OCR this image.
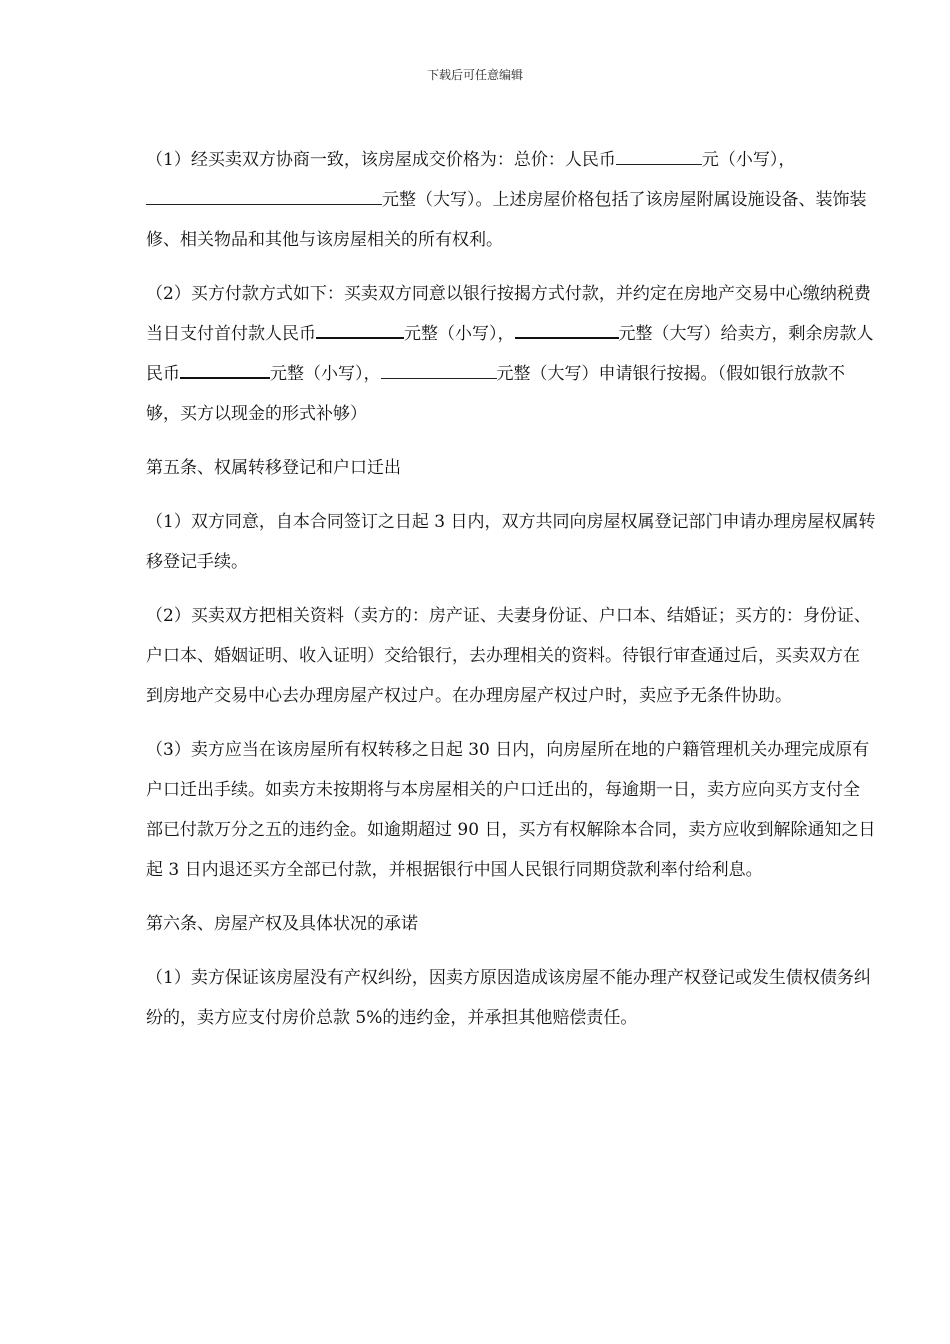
下载后可任意编辑

（1）经买卖双方协商一致，该房屋成交价格为：总价：人民币	元（小写），
元整（大写）。上述房屋价格包括了该房屋附属设施设备、装饰装修、相关物品和其他与该房屋相关的所有权利。

（2）买方付款方式如下：买卖双方同意以银行按揭方式付款，并约定在房地产交易中心缴纳税费当日支付首付款人民币	元整（小写），	元整（大写）给卖方，剩余房款人民币	元整（小写），	元整（大写）申请银行按揭。（假如银行放款不够，买方以现金的形式补够）

第五条、权属转移登记和户口迁出

（1）双方同意，自本合同签订之日起 3 日内，双方共同向房屋权属登记部门申请办理房屋权属转移登记手续。

（2）买卖双方把相关资料（卖方的：房产证、夫妻身份证、户口本、结婚证；买方的：身份证、户口本、婚姻证明、收入证明）交给银行，去办理相关的资料。待银行审查通过后，买卖双方在到房地产交易中心去办理房屋产权过户。在办理房屋产权过户时，卖应予无条件协助。

（3）卖方应当在该房屋所有权转移之日起 30 日内，向房屋所在地的户籍管理机关办理完成原有户口迁出手续。如卖方未按期将与本房屋相关的户口迁出的，每逾期一日，卖方应向买方支付全部已付款万分之五的违约金。如逾期超过 90 日，买方有权解除本合同，卖方应收到解除通知之日起 3 日内退还买方全部已付款，并根据银行中国人民银行同期贷款利率付给利息。

第六条、房屋产权及具体状况的承诺

（1）卖方保证该房屋没有产权纠纷，因卖方原因造成该房屋不能办理产权登记或发生债权债务纠纷的，卖方应支付房价总款 5%的违约金，并承担其他赔偿责任。
